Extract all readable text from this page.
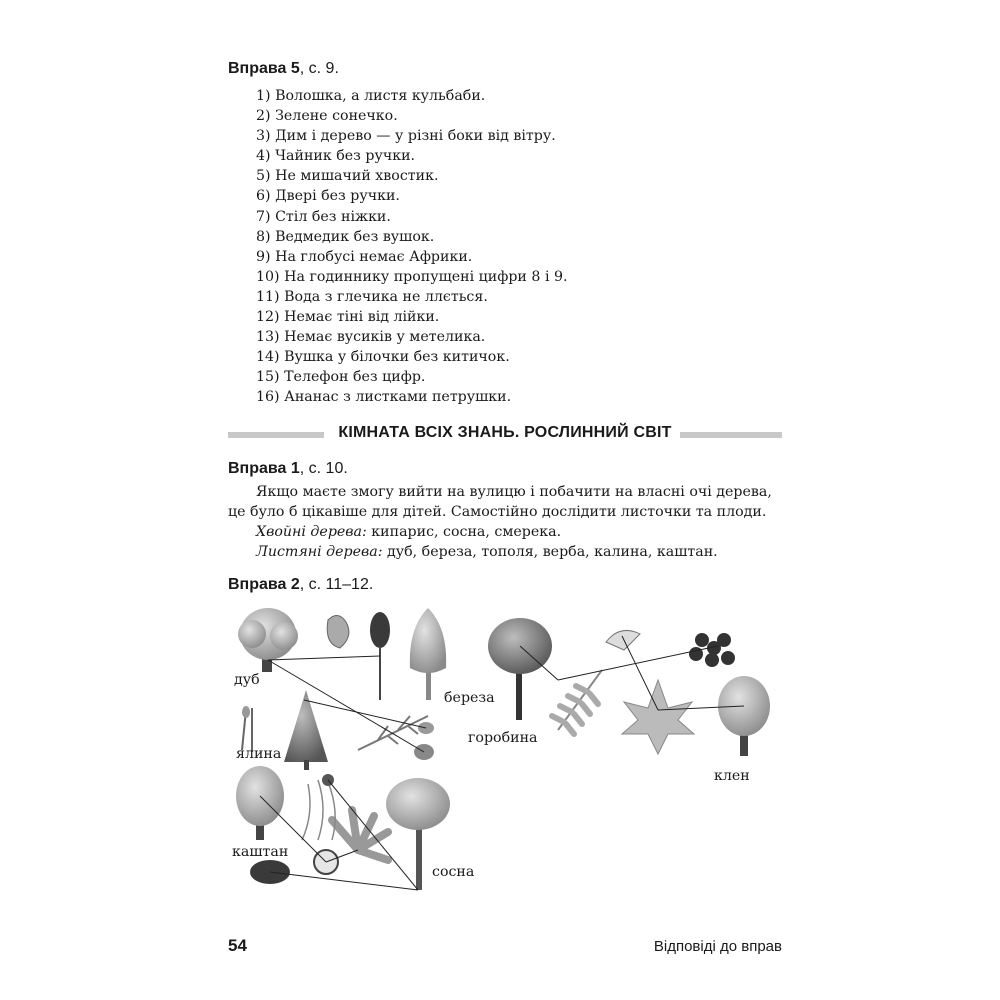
Вправа 5, с. 9.
1) Волошка, а листя кульбаби.
2) Зелене сонечко.
3) Дим і дерево — у різні боки від вітру.
4) Чайник без ручки.
5) Не мишачий хвостик.
6) Двері без ручки.
7) Стіл без ніжки.
8) Ведмедик без вушок.
9) На глобусі немає Африки.
10) На годиннику пропущені цифри 8 і 9.
11) Вода з глечика не ллється.
12) Немає тіні від лійки.
13) Немає вусиків у метелика.
14) Вушка у білочки без китичок.
15) Телефон без цифр.
16) Ананас з листками петрушки.
КІМНАТА ВСІХ ЗНАНЬ. РОСЛИННИЙ СВІТ
Вправа 1, с. 10.
Якщо маєте змогу вийти на вулицю і побачити на власні очі дерева,
це було б цікавіше для дітей. Самостійно дослідити листочки та плоди.
Хвойні дерева: кипарис, сосна, смерека.
Листяні дерева: дуб, береза, тополя, верба, калина, каштан.
Вправа 2, с. 11–12.
дуб
береза
ялина
каштан
сосна
горобина
клен
54	Відповіді до вправ
